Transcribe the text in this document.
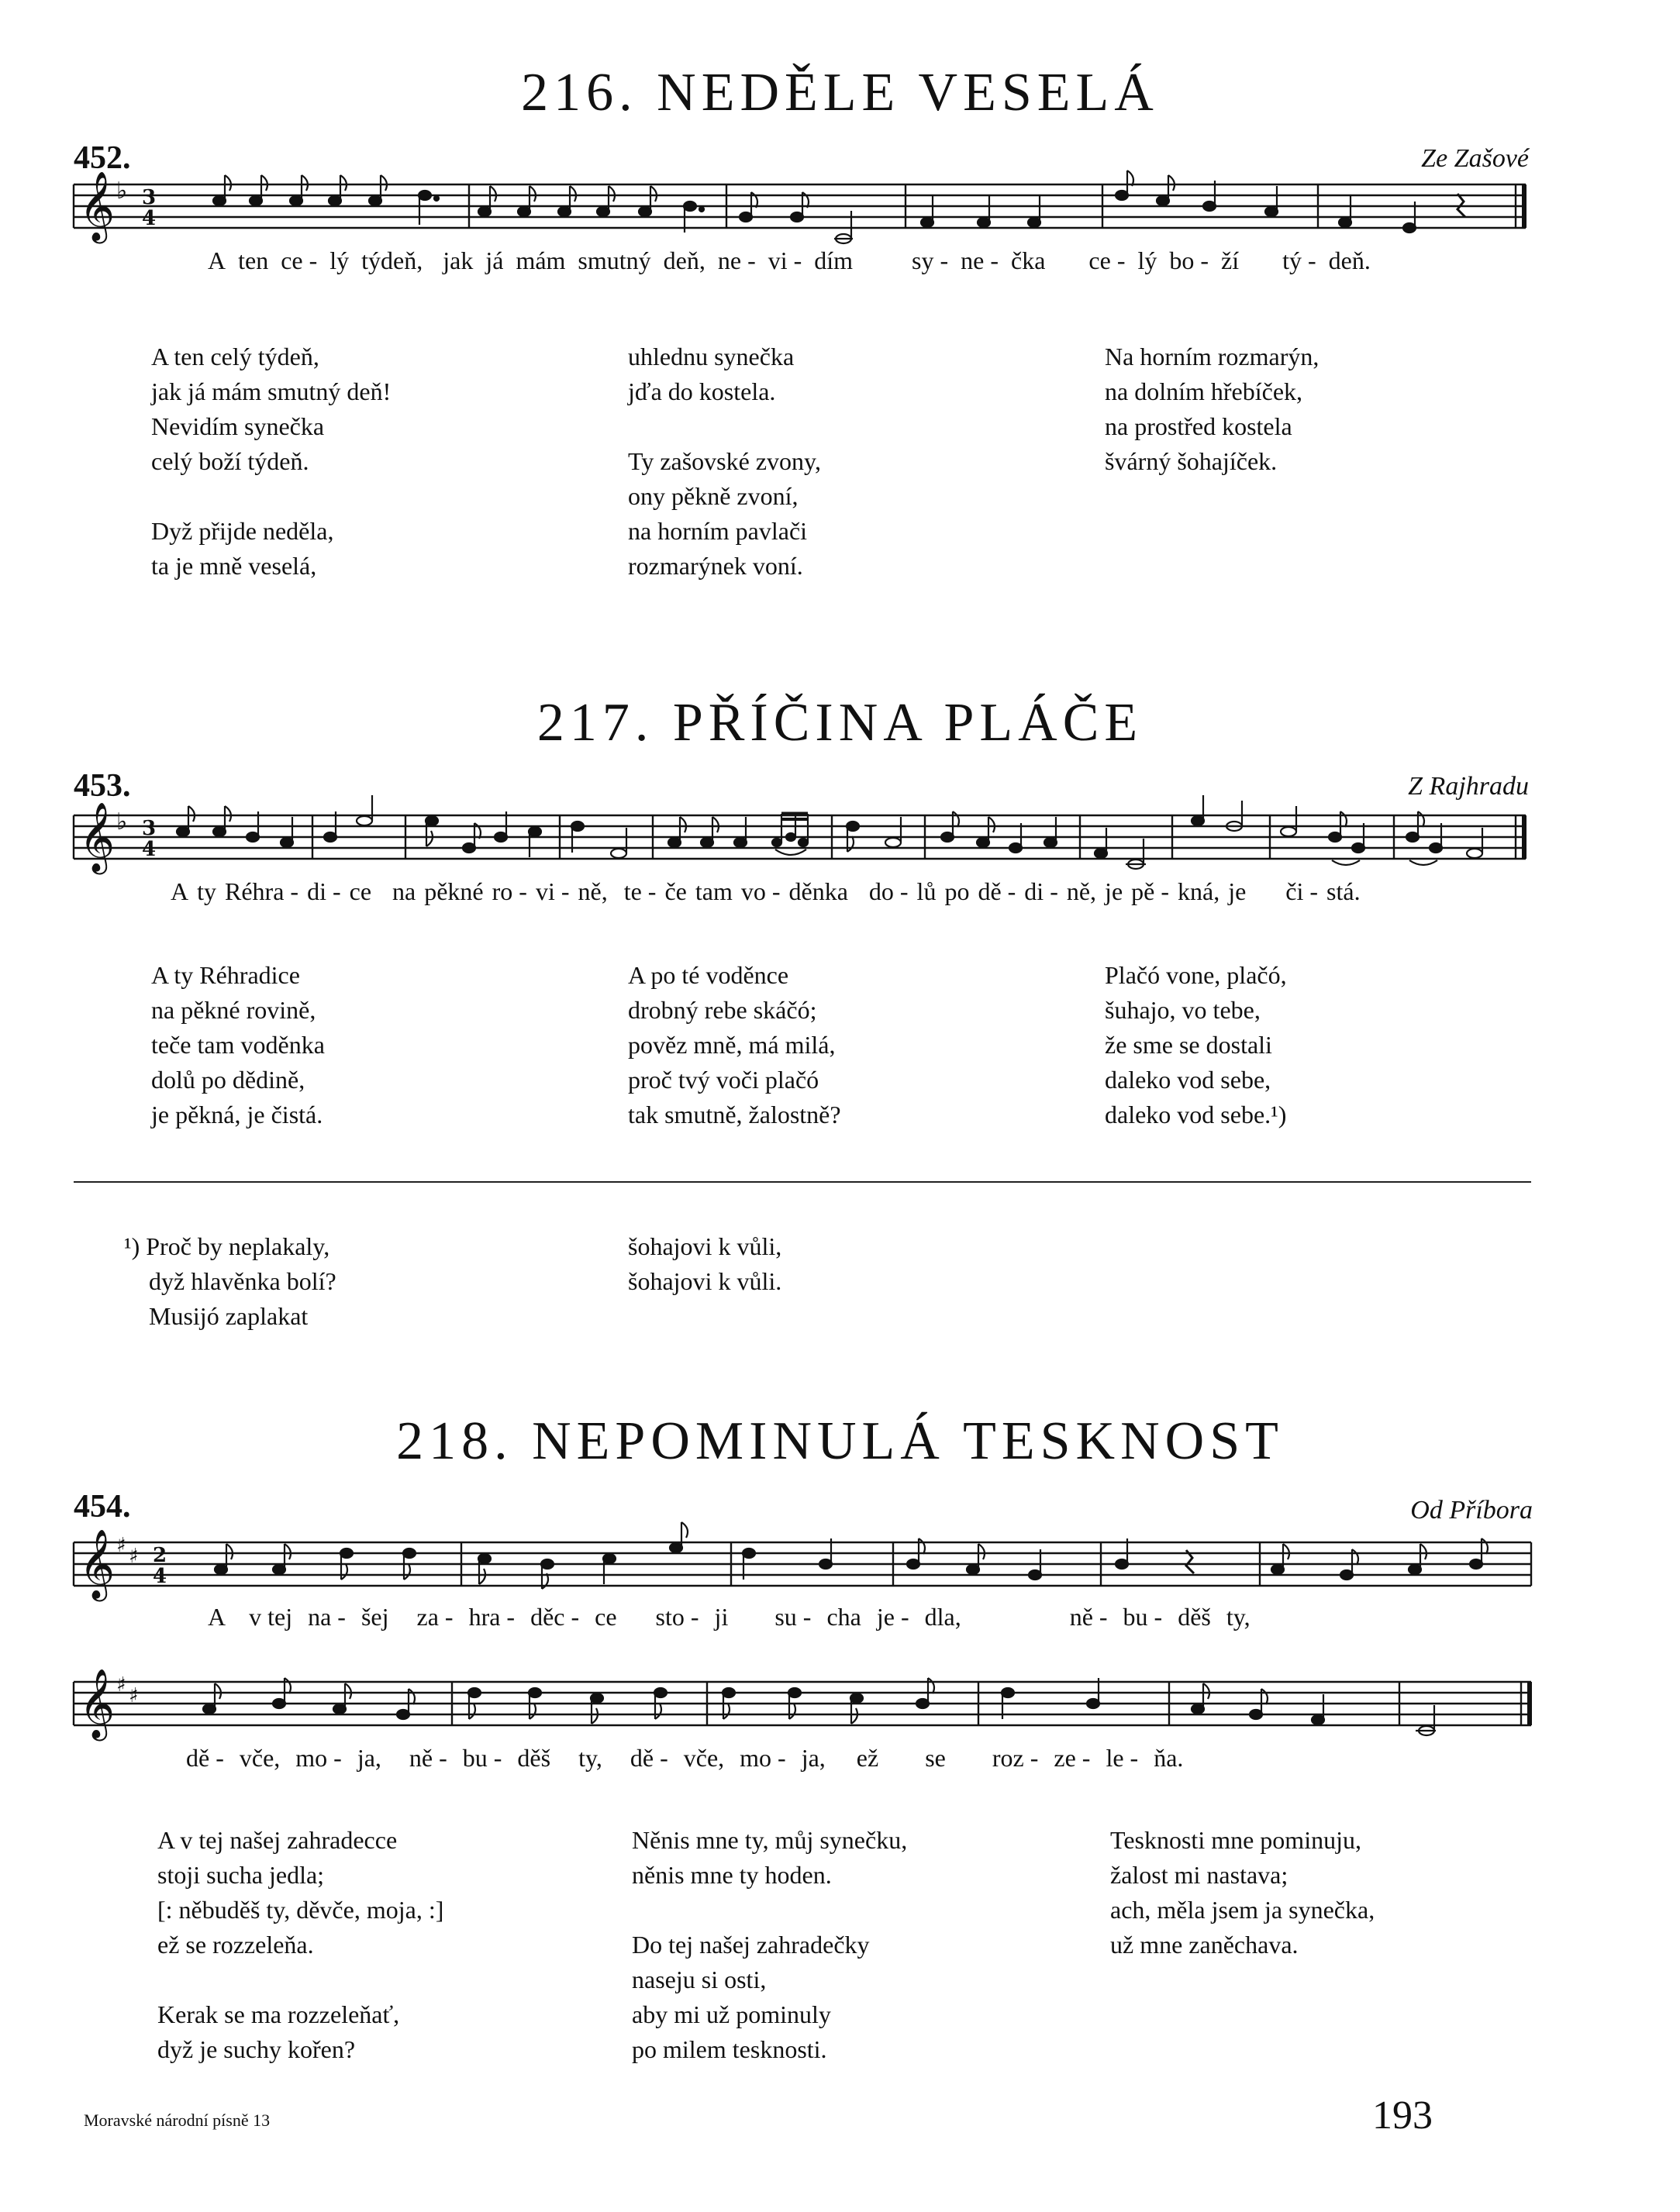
216. NEDĚLE VESELÁ
452.	Ze Zašové
𝄞 ♭ 3
4
𝄞 ♭ 3
4
𝄞 ♯ ♯ 2
4
𝄞 ♯ ♯
A ten ce - lý týdeň, jak já mám smutný deň, ne - vi - dím sy - ne - čka ce - lý bo - ží tý - deň.
A ten celý týdeň,
jak já mám smutný deň!
Nevidím synečka
celý boží týdeň.

Dyž přijde neděla,
ta je mně veselá,
uhlednu synečka
jďa do kostela.

Ty zašovské zvony,
ony pěkně zvoní,
na horním pavlači
rozmarýnek voní.
Na horním rozmarýn,
na dolním hřebíček,
na prostřed kostela
švárný šohajíček.
217. PŘÍČINA PLÁČE
453.	Z Rajhradu
A ty Réhra - di - ce na pěkné ro - vi - ně, te - če tam vo - děnka do - lů po dě - di - ně, je pě - kná, je či - stá.
A ty Réhradice
na pěkné rovině,
teče tam voděnka
dolů po dědině,
je pěkná, je čistá.
A po té voděnce
drobný rebe skáčó;
pověz mně, má milá,
proč tvý voči plačó
tak smutně, žalostně?
Plačó vone, plačó,
šuhajo, vo tebe,
že sme se dostali
daleko vod sebe,
daleko vod sebe.¹)
¹) Proč by neplakaly,
dyž hlavěnka bolí?
Musijó zaplakat
šohajovi k vůli,
šohajovi k vůli.
218. NEPOMINULÁ TESKNOST
454.	Od Příbora
A v tej na - šej za - hra - děc - ce sto - ji su - cha je - dla,	ně - bu - děš ty,
dě - vče, mo - ja, ně - bu - děš ty, dě - vče, mo - ja, ež se roz - ze - le - ňa.
A v tej našej zahradecce
stoji sucha jedla;
[: něbuděš ty, děvče, moja, :]
ež se rozzeleňa.

Kerak se ma rozzeleňať,
dyž je suchy kořen?
Něnis mne ty, můj synečku,
něnis mne ty hoden.

Do tej našej zahradečky
naseju si osti,
aby mi už pominuly
po milem tesknosti.
Tesknosti mne pominuju,
žalost mi nastava;
ach, měla jsem ja synečka,
už mne zaněchava.
Moravské národní písně 13	193
